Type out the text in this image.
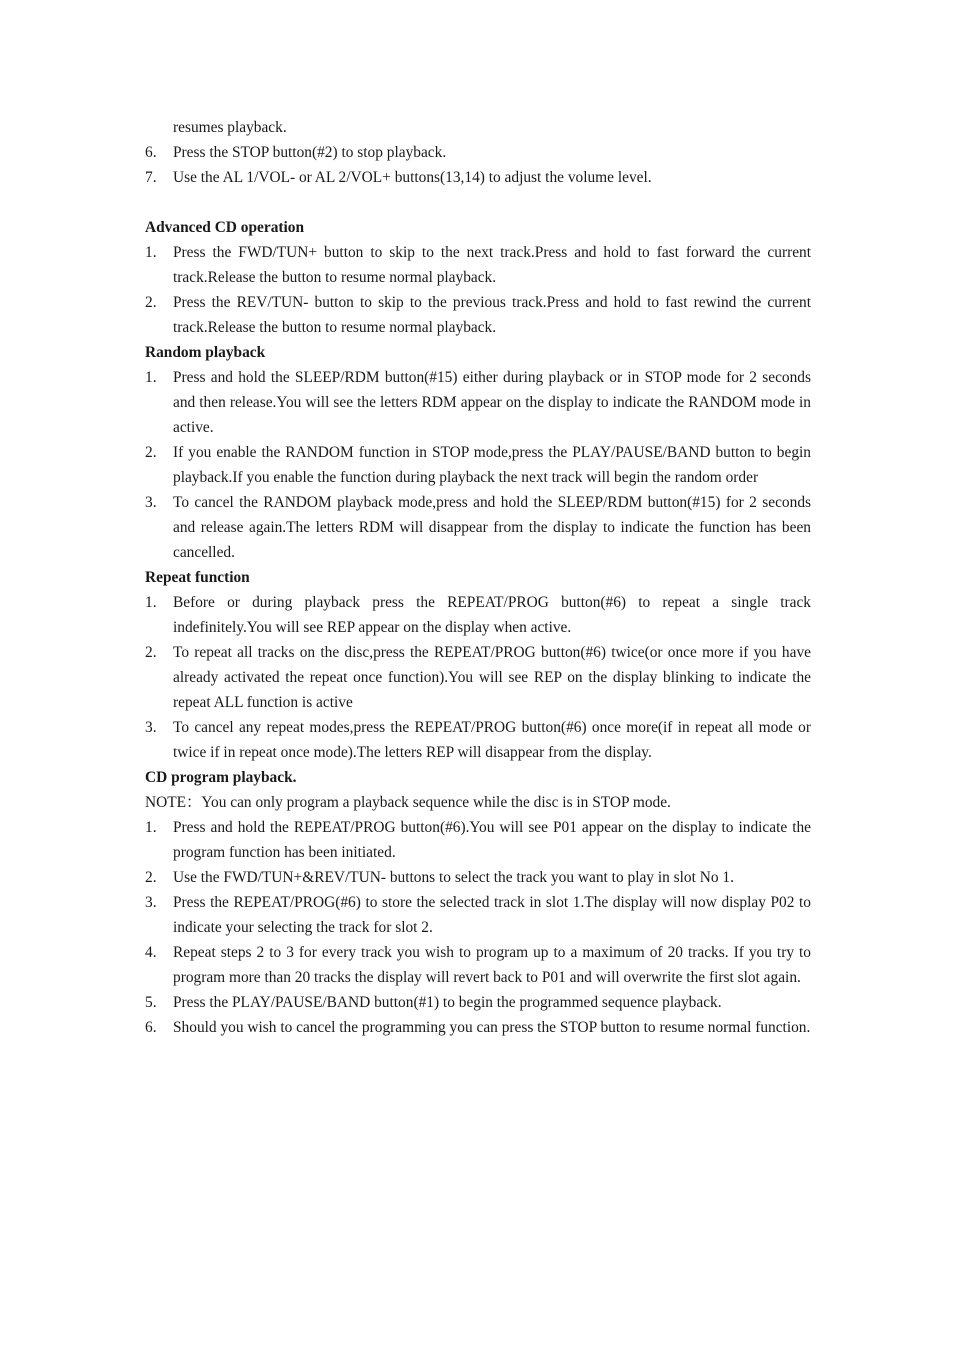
resumes playback.
6.	Press the STOP button(#2) to stop playback.
7.	Use the AL 1/VOL- or AL 2/VOL+ buttons(13,14) to adjust the volume level.
Advanced CD operation
1.	Press the FWD/TUN+ button to skip to the next track.Press and hold to fast forward the current track.Release the button to resume normal playback.
2.	Press the REV/TUN- button to skip to the previous track.Press and hold to fast rewind the current track.Release the button to resume normal playback.
Random playback
1.	Press and hold the SLEEP/RDM button(#15) either during playback or in STOP mode for 2 seconds and then release.You will see the letters RDM appear on the display to indicate the RANDOM mode in active.
2.	If you enable the RANDOM function in STOP mode,press the PLAY/PAUSE/BAND button to begin playback.If you enable the function during playback the next track will begin the random order
3.	To cancel the RANDOM playback mode,press and hold the SLEEP/RDM button(#15) for 2 seconds and release again.The letters RDM will disappear from the display to indicate the function has been cancelled.
Repeat function
1.	Before or during playback press the REPEAT/PROG button(#6) to repeat a single track indefinitely.You will see REP appear on the display when active.
2.	To repeat all tracks on the disc,press the REPEAT/PROG button(#6) twice(or once more if you have already activated the repeat once function).You will see REP on the display blinking to indicate the repeat ALL function is active
3.	To cancel any repeat modes,press the REPEAT/PROG button(#6) once more(if in repeat all mode or twice if in repeat once mode).The letters REP will disappear from the display.
CD program playback.
NOTE：You can only program a playback sequence while the disc is in STOP mode.
1.	Press and hold the REPEAT/PROG button(#6).You will see P01 appear on the display to indicate the program function has been initiated.
2.	Use the FWD/TUN+&REV/TUN- buttons to select the track you want to play in slot No 1.
3.	Press the REPEAT/PROG(#6) to store the selected track in slot 1.The display will now display P02 to indicate your selecting the track for slot 2.
4.	Repeat steps 2 to 3 for every track you wish to program up to a maximum of 20 tracks. If you try to program more than 20 tracks the display will revert back to P01 and will overwrite the first slot again.
5.	Press the PLAY/PAUSE/BAND button(#1) to begin the programmed sequence playback.
6.	Should you wish to cancel the programming you can press the STOP button to resume normal function.
